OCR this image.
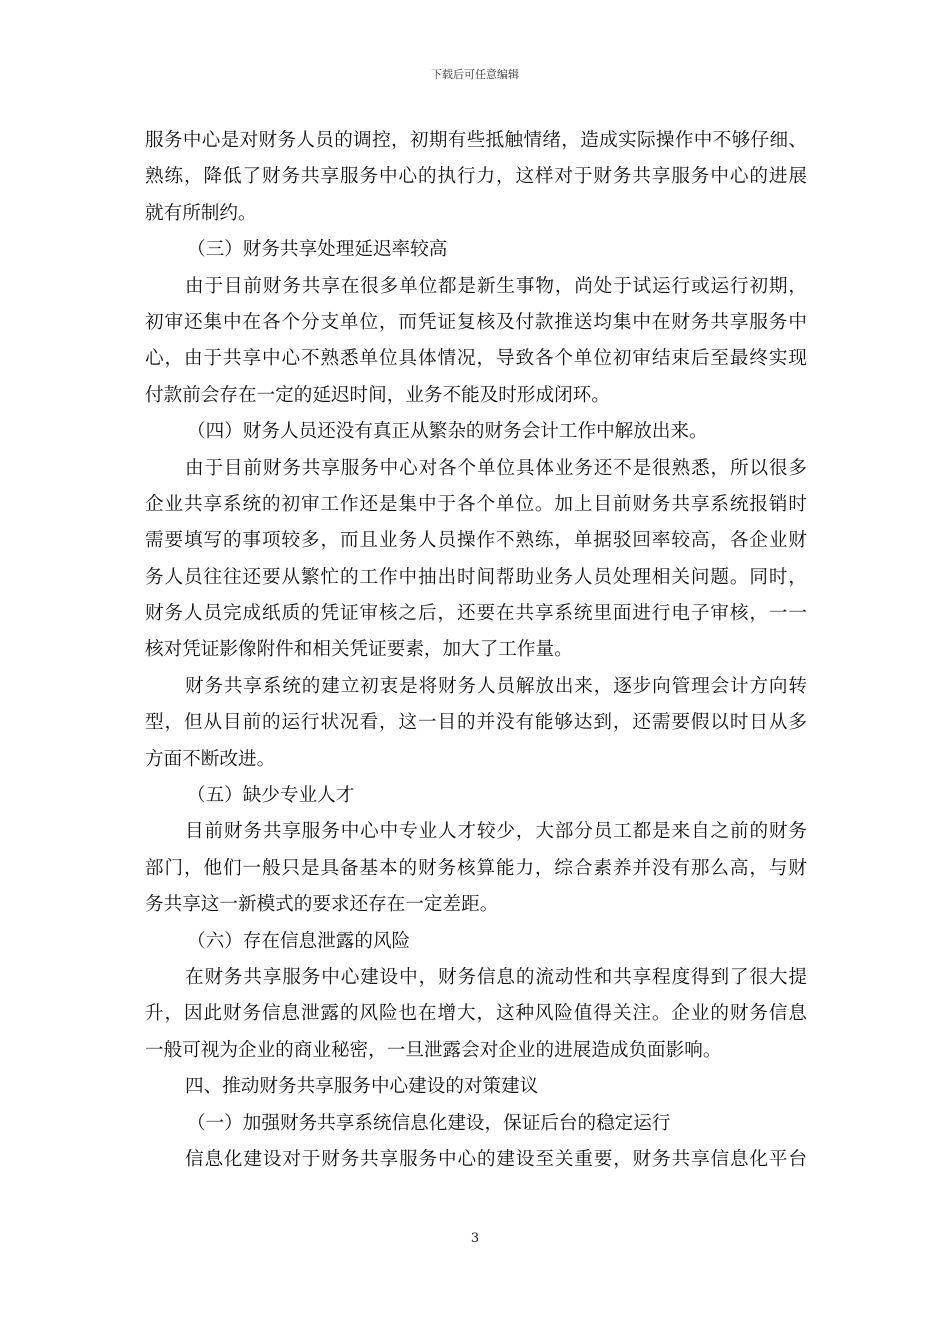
下载后可任意编辑
服务中心是对财务人员的调控，初期有些抵触情绪，造成实际操作中不够仔细、
熟练，降低了财务共享服务中心的执行力，这样对于财务共享服务中心的进展
就有所制约。
（三）财务共享处理延迟率较高
由于目前财务共享在很多单位都是新生事物，尚处于试运行或运行初期，
初审还集中在各个分支单位，而凭证复核及付款推送均集中在财务共享服务中
心，由于共享中心不熟悉单位具体情况，导致各个单位初审结束后至最终实现
付款前会存在一定的延迟时间，业务不能及时形成闭环。
（四）财务人员还没有真正从繁杂的财务会计工作中解放出来。
由于目前财务共享服务中心对各个单位具体业务还不是很熟悉，所以很多
企业共享系统的初审工作还是集中于各个单位。加上目前财务共享系统报销时
需要填写的事项较多，而且业务人员操作不熟练，单据驳回率较高，各企业财
务人员往往还要从繁忙的工作中抽出时间帮助业务人员处理相关问题。同时，
财务人员完成纸质的凭证审核之后，还要在共享系统里面进行电子审核，一一
核对凭证影像附件和相关凭证要素，加大了工作量。
财务共享系统的建立初衷是将财务人员解放出来，逐步向管理会计方向转
型，但从目前的运行状况看，这一目的并没有能够达到，还需要假以时日从多
方面不断改进。
（五）缺少专业人才
目前财务共享服务中心中专业人才较少，大部分员工都是来自之前的财务
部门，他们一般只是具备基本的财务核算能力，综合素养并没有那么高，与财
务共享这一新模式的要求还存在一定差距。
（六）存在信息泄露的风险
在财务共享服务中心建设中，财务信息的流动性和共享程度得到了很大提
升，因此财务信息泄露的风险也在增大，这种风险值得关注。企业的财务信息
一般可视为企业的商业秘密，一旦泄露会对企业的进展造成负面影响。
四、推动财务共享服务中心建设的对策建议
（一）加强财务共享系统信息化建设，保证后台的稳定运行
信息化建设对于财务共享服务中心的建设至关重要，财务共享信息化平台
3
